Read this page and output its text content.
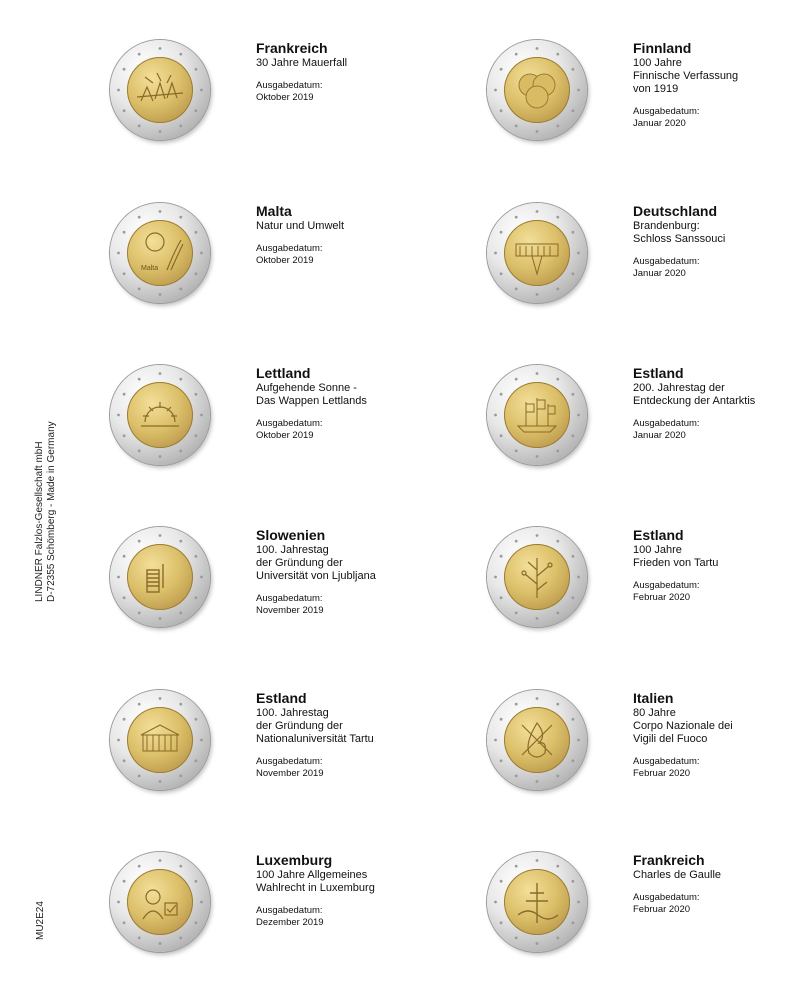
LINDNER Falzlos-Gesellschaft mbH D-72355 Schömberg - Made in Germany
MU2E24
Frankreich
30 Jahre Mauerfall
Ausgabedatum:
Oktober 2019
Finnland
100 Jahre
Finnische Verfassung
von 1919
Ausgabedatum:
Januar 2020
Malta
Malta
Natur und Umwelt
Ausgabedatum:
Oktober 2019
Deutschland
Brandenburg:
Schloss Sanssouci
Ausgabedatum:
Januar 2020
Lettland
Aufgehende Sonne -
Das Wappen Lettlands
Ausgabedatum:
Oktober 2019
Estland
200. Jahrestag der
Entdeckung der Antarktis
Ausgabedatum:
Januar 2020
Slowenien
100. Jahrestag
der Gründung der
Universität von Ljubljana
Ausgabedatum:
November 2019
Estland
100 Jahre
Frieden von Tartu
Ausgabedatum:
Februar 2020
Estland
100. Jahrestag
der Gründung der
Nationaluniversität Tartu
Ausgabedatum:
November 2019
Italien
80 Jahre
Corpo Nazionale dei
Vigili del Fuoco
Ausgabedatum:
Februar 2020
Luxemburg
100 Jahre Allgemeines
Wahlrecht in Luxemburg
Ausgabedatum:
Dezember 2019
Frankreich
Charles de Gaulle
Ausgabedatum:
Februar 2020
